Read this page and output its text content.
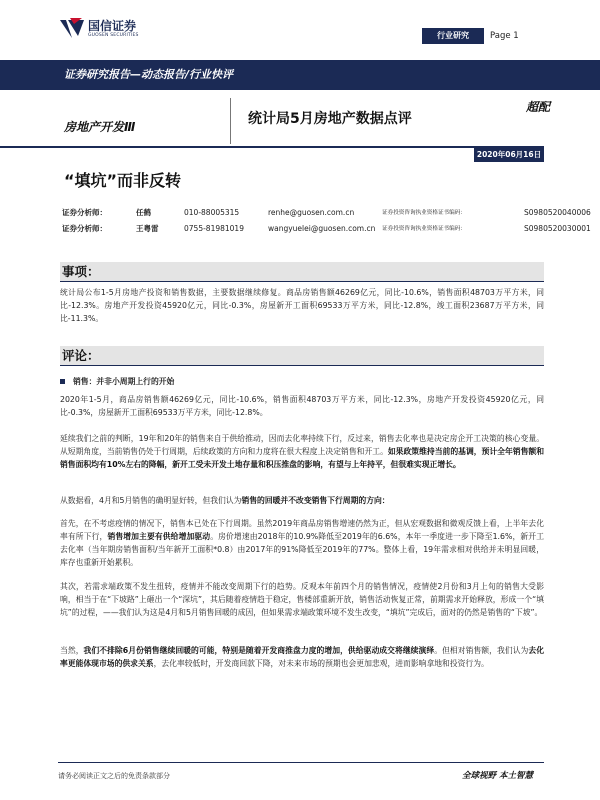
国信证券
GUOSEN SECURITIES	行业研究	Page 1
证券研究报告—动态报告/行业快评
房地产开发Ⅲ	统计局5月房地产数据点评
超配
2020年06月16日
“填坑”而非反转
证券分析师：	任鹤	010-88005315	renhe@guosen.com.cn	证券投资咨询执业资格证书编码：	S0980520040006
证券分析师：	王粤雷	0755-81981019	wangyuelei@guosen.com.cn 证券投资咨询执业资格证书编码：	S0980520030001
事项：
统计局公布1-5月房地产投资和销售数据，主要数据继续修复。商品房销售额46269亿元，同比-10.6%，销售面积48703万平方米，同比-12.3%。房地产开发投资45920亿元，同比-0.3%，房屋新开工面积69533万平方米，同比-12.8%，竣工面积23687万平方米，同比-11.3%。
评论：
销售：并非小周期上行的开始
2020年1-5月，商品房销售额46269亿元，同比-10.6%，销售面积48703万平方米，同比-12.3%，房地产开发投资45920亿元，同比-0.3%，房屋新开工面积69533万平方米，同比-12.8%。
延续我们之前的判断，19年和20年的销售来自于供给推动，因而去化率持续下行，反过来，销售去化率也是决定房企开工决策的核心变量。从短期角度，当前销售仍处于行周期，后续政策的方向和力度将在很大程度上决定销售和开工。如果政策维持当前的基调，预计全年销售额和销售面积均有10%左右的降幅，新开工受未开发土地存量和积压推盘的影响，有望与上年持平，但很难实现正增长。
从数据看，4月和5月销售的确明显好转，但我们认为销售的回暖并不改变销售下行周期的方向：
首先，在不考虑疫情的情况下，销售本已处在下行周期。虽然2019年商品房销售增速仍然为正，但从宏观数据和微观反馈上看，上半年去化率有所下行，销售增加主要有供给增加驱动。房价增速由2018年的10.9%降低至2019年的6.6%，本年一季度进一步下降至1.6%，新开工去化率（当年期房销售面积/当年新开工面积*0.8）由2017年的91%降低至2019年的77%。整体上看，19年需求相对供给并未明显回暖，库存也重新开始累积。
其次，若需求端政策不发生扭转，疫情并不能改变周期下行的趋势。反观本年前四个月的销售情况，疫情使2月份和3月上旬的销售大受影响，相当于在“下坡路”上砸出一个“深坑”，其后随着疫情趋于稳定，售楼部重新开放，销售活动恢复正常，前期需求开始释放，形成一个“填坑”的过程，——我们认为这是4月和5月销售回暖的成因，但如果需求端政策环境不发生改变，“填坑”完成后，面对的仍然是销售的“下坡”。
当然，我们不排除6月份销售继续回暖的可能，特别是随着开发商推盘力度的增加，供给驱动成交将继续演绎。但相对销售额，我们认为去化率更能体现市场的供求关系，去化率较低时，开发商回款下降，对未来市场的预期也会更加悲观，进而影响拿地和投资行为。
请务必阅读正文之后的免责条款部分	全球视野 本土智慧
